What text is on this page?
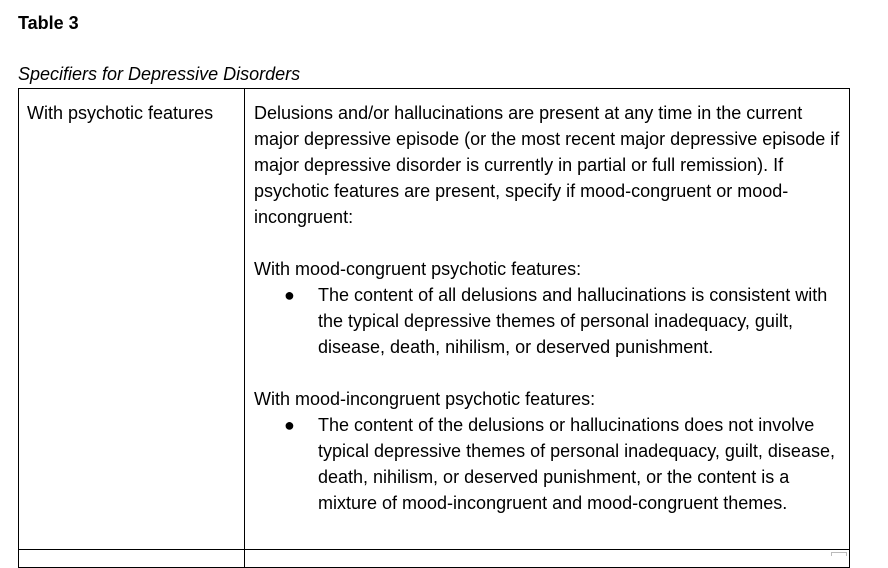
Table 3
Specifiers for Depressive Disorders
With psychotic features Delusions and/or hallucinations are present at any time in the current major depressive episode (or the most recent major depressive episode if major depressive disorder is currently in partial or full remission). If psychotic features are present, specify if mood-congruent or mood-incongruent:

With mood-congruent psychotic features:

● The content of all delusions and hallucinations is consistent with the typical depressive themes of personal inadequacy, guilt, disease, death, nihilism, or deserved punishment.

With mood-incongruent psychotic features:

● The content of the delusions or hallucinations does not involve typical depressive themes of personal inadequacy, guilt, disease, death, nihilism, or deserved punishment, or the content is a mixture of mood-incongruent and mood-congruent themes.
